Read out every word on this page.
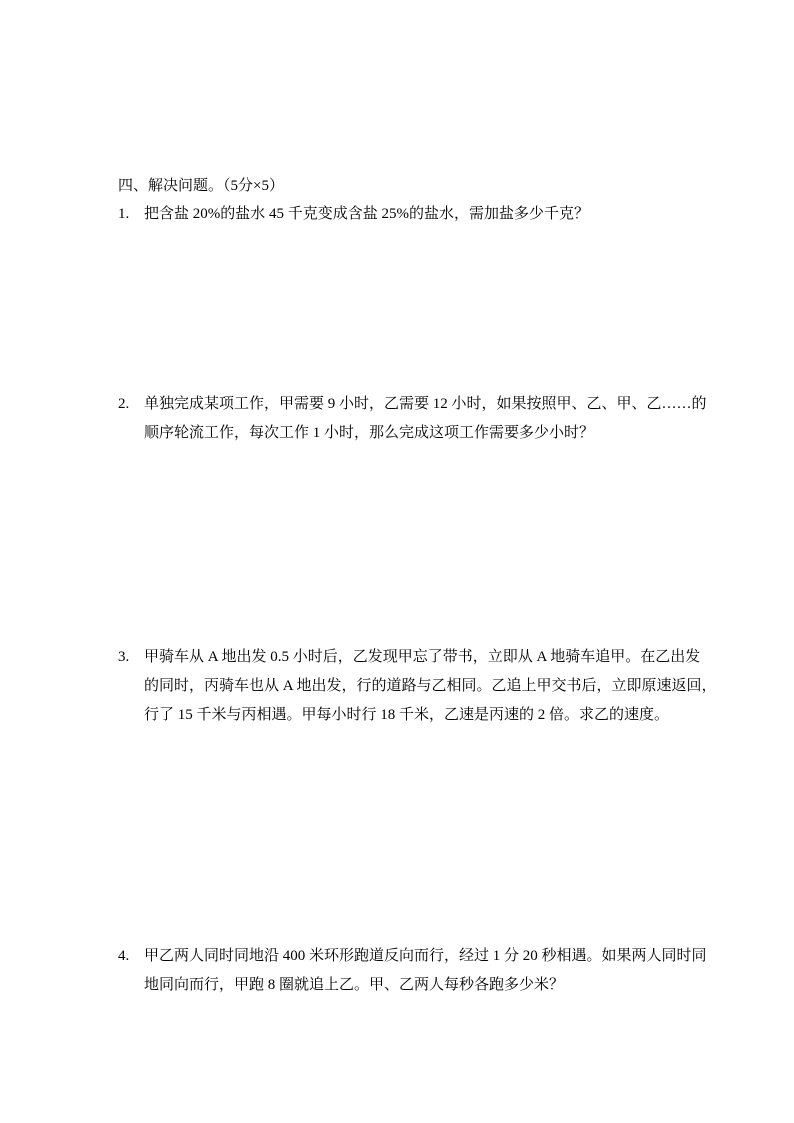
四、解决问题。（5分×5）
1. 把含盐 20%的盐水 45 千克变成含盐 25%的盐水，需加盐多少千克？
2. 单独完成某项工作，甲需要 9 小时，乙需要 12 小时，如果按照甲、乙、甲、乙……的
顺序轮流工作，每次工作 1 小时，那么完成这项工作需要多少小时？
3. 甲骑车从 A 地出发 0.5 小时后，乙发现甲忘了带书，立即从 A 地骑车追甲。在乙出发
的同时，丙骑车也从 A 地出发，行的道路与乙相同。乙追上甲交书后，立即原速返回，
行了 15 千米与丙相遇。甲每小时行 18 千米，乙速是丙速的 2 倍。求乙的速度。
4. 甲乙两人同时同地沿 400 米环形跑道反向而行，经过 1 分 20 秒相遇。如果两人同时同
地同向而行，甲跑 8 圈就追上乙。甲、乙两人每秒各跑多少米？
